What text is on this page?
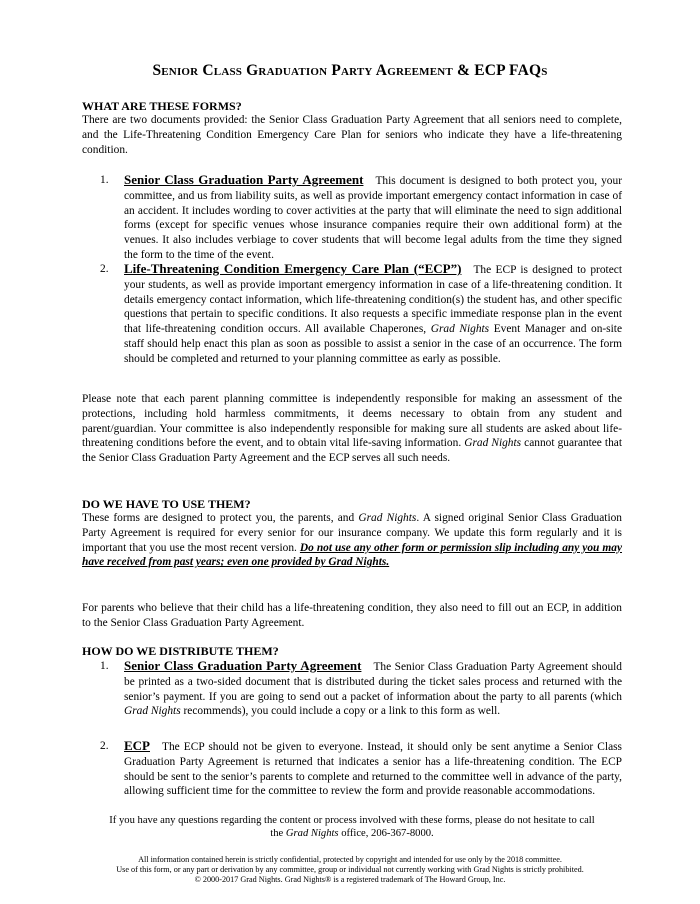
Senior Class Graduation Party Agreement & ECP FAQs
WHAT ARE THESE FORMS?
There are two documents provided: the Senior Class Graduation Party Agreement that all seniors need to complete, and the Life-Threatening Condition Emergency Care Plan for seniors who indicate they have a life-threatening condition.
1. Senior Class Graduation Party Agreement This document is designed to both protect you, your committee, and us from liability suits, as well as provide important emergency contact information in case of an accident. It includes wording to cover activities at the party that will eliminate the need to sign additional forms (except for specific venues whose insurance companies require their own additional form) at the venues. It also includes verbiage to cover students that will become legal adults from the time they signed the form to the time of the event.
2. Life-Threatening Condition Emergency Care Plan (“ECP”) The ECP is designed to protect your students, as well as provide important emergency information in case of a life-threatening condition. It details emergency contact information, which life-threatening condition(s) the student has, and other specific questions that pertain to specific conditions. It also requests a specific immediate response plan in the event that life-threatening condition occurs. All available Chaperones, Grad Nights Event Manager and on-site staff should help enact this plan as soon as possible to assist a senior in the case of an occurrence. The form should be completed and returned to your planning committee as early as possible.
Please note that each parent planning committee is independently responsible for making an assessment of the protections, including hold harmless commitments, it deems necessary to obtain from any student and parent/guardian. Your committee is also independently responsible for making sure all students are asked about life-threatening conditions before the event, and to obtain vital life-saving information. Grad Nights cannot guarantee that the Senior Class Graduation Party Agreement and the ECP serves all such needs.
DO WE HAVE TO USE THEM?
These forms are designed to protect you, the parents, and Grad Nights. A signed original Senior Class Graduation Party Agreement is required for every senior for our insurance company. We update this form regularly and it is important that you use the most recent version. Do not use any other form or permission slip including any you may have received from past years; even one provided by Grad Nights.
For parents who believe that their child has a life-threatening condition, they also need to fill out an ECP, in addition to the Senior Class Graduation Party Agreement.
HOW DO WE DISTRIBUTE THEM?
1. Senior Class Graduation Party Agreement The Senior Class Graduation Party Agreement should be printed as a two-sided document that is distributed during the ticket sales process and returned with the senior’s payment. If you are going to send out a packet of information about the party to all parents (which Grad Nights recommends), you could include a copy or a link to this form as well.
2. ECP The ECP should not be given to everyone. Instead, it should only be sent anytime a Senior Class Graduation Party Agreement is returned that indicates a senior has a life-threatening condition. The ECP should be sent to the senior’s parents to complete and returned to the committee well in advance of the party, allowing sufficient time for the committee to review the form and provide reasonable accommodations.
If you have any questions regarding the content or process involved with these forms, please do not hesitate to call
the Grad Nights office, 206-367-8000.
All information contained herein is strictly confidential, protected by copyright and intended for use only by the 2018 committee.
Use of this form, or any part or derivation by any committee, group or individual not currently working with Grad Nights is strictly prohibited.
© 2000-2017 Grad Nights. Grad Nights® is a registered trademark of The Howard Group, Inc.
